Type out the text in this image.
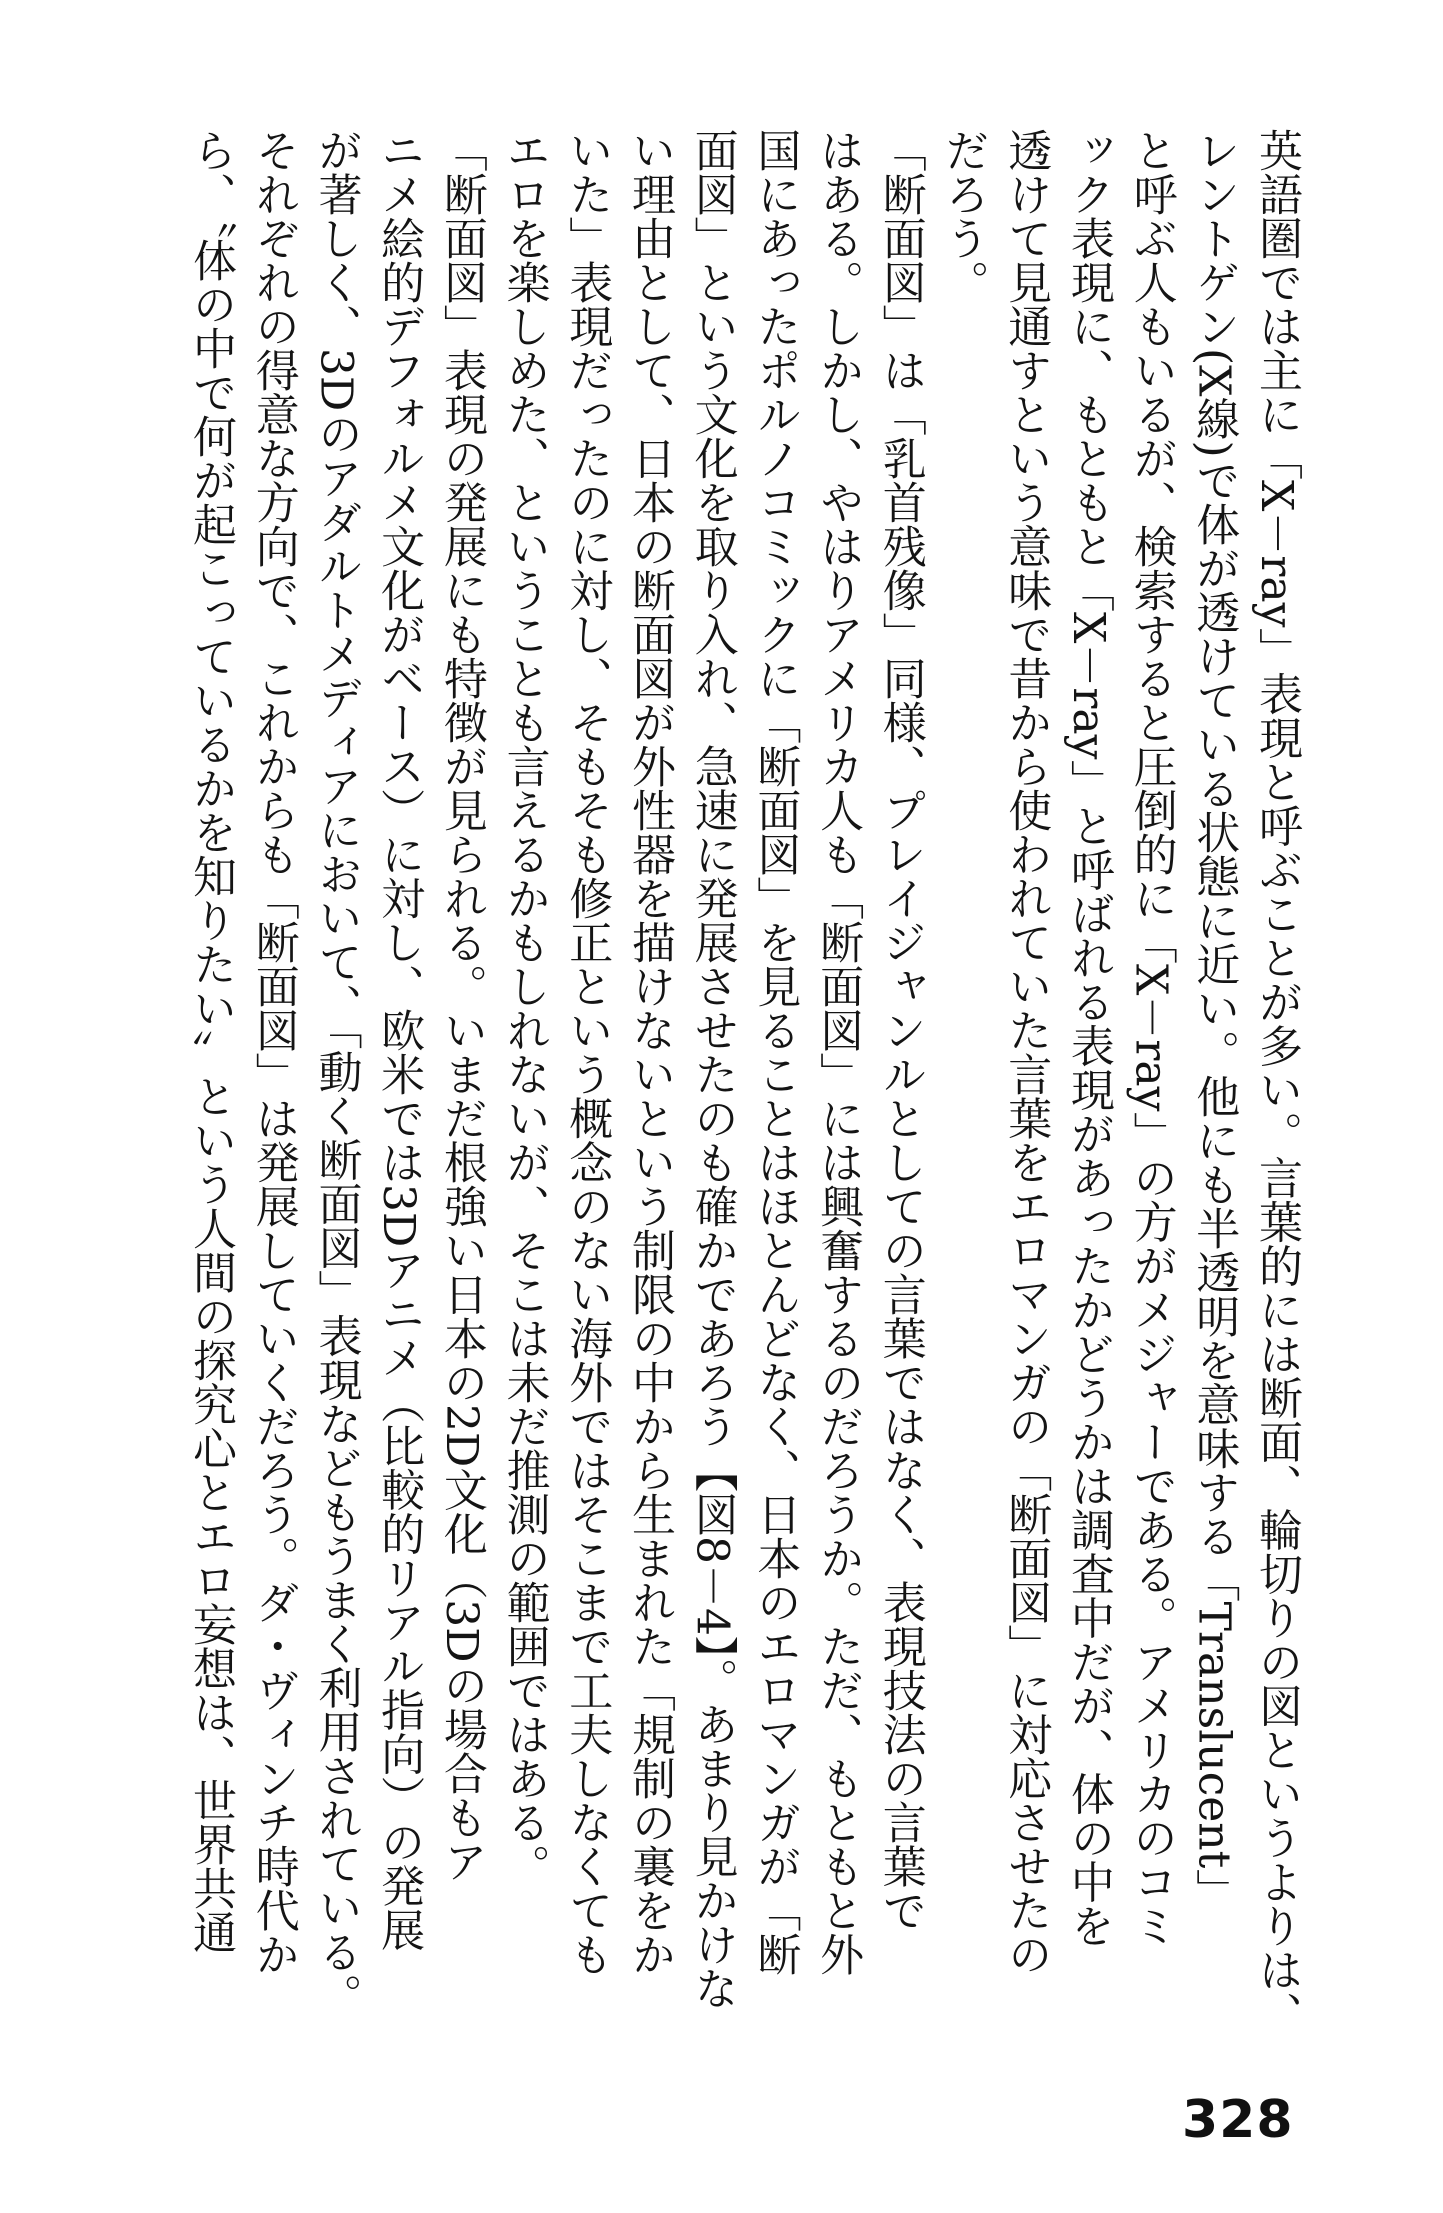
英語圏では主に「X－ray」表現と呼ぶことが多い。言葉的には断面、輪切りの図というよりは、
レントゲン(X線)で体が透けている状態に近い。他にも半透明を意味する「Translucent」
と呼ぶ人もいるが、検索すると圧倒的に「X－ray」の方がメジャーである。アメリカのコミ
ック表現に、もともと「X－ray」と呼ばれる表現があったかどうかは調査中だが、体の中を
透けて見通すという意味で昔から使われていた言葉をエロマンガの「断面図」に対応させたの
だろう。
「断面図」は「乳首残像」同様、プレイジャンルとしての言葉ではなく、表現技法の言葉で
はある。しかし、やはりアメリカ人も「断面図」には興奮するのだろうか。ただ、もともと外
国にあったポルノコミックに「断面図」を見ることはほとんどなく、日本のエロマンガが「断
面図」という文化を取り入れ、急速に発展させたのも確かであろう【図8－4】。あまり見かけな
い理由として、日本の断面図が外性器を描けないという制限の中から生まれた「規制の裏をか
いた」表現だったのに対し、そもそも修正という概念のない海外ではそこまで工夫しなくても
エロを楽しめた、ということも言えるかもしれないが、そこは未だ推測の範囲ではある。
「断面図」表現の発展にも特徴が見られる。いまだ根強い日本の2D文化（3Dの場合もア
ニメ絵的デフォルメ文化がベース）に対し、欧米では3Dアニメ（比較的リアル指向）の発展
が著しく、3Dのアダルトメディアにおいて、「動く断面図」表現などもうまく利用されている。
それぞれの得意な方向で、これからも「断面図」は発展していくだろう。ダ・ヴィンチ時代か
ら、〝体の中で何が起こっているかを知りたい〟という人間の探究心とエロ妄想は、世界共通
328
